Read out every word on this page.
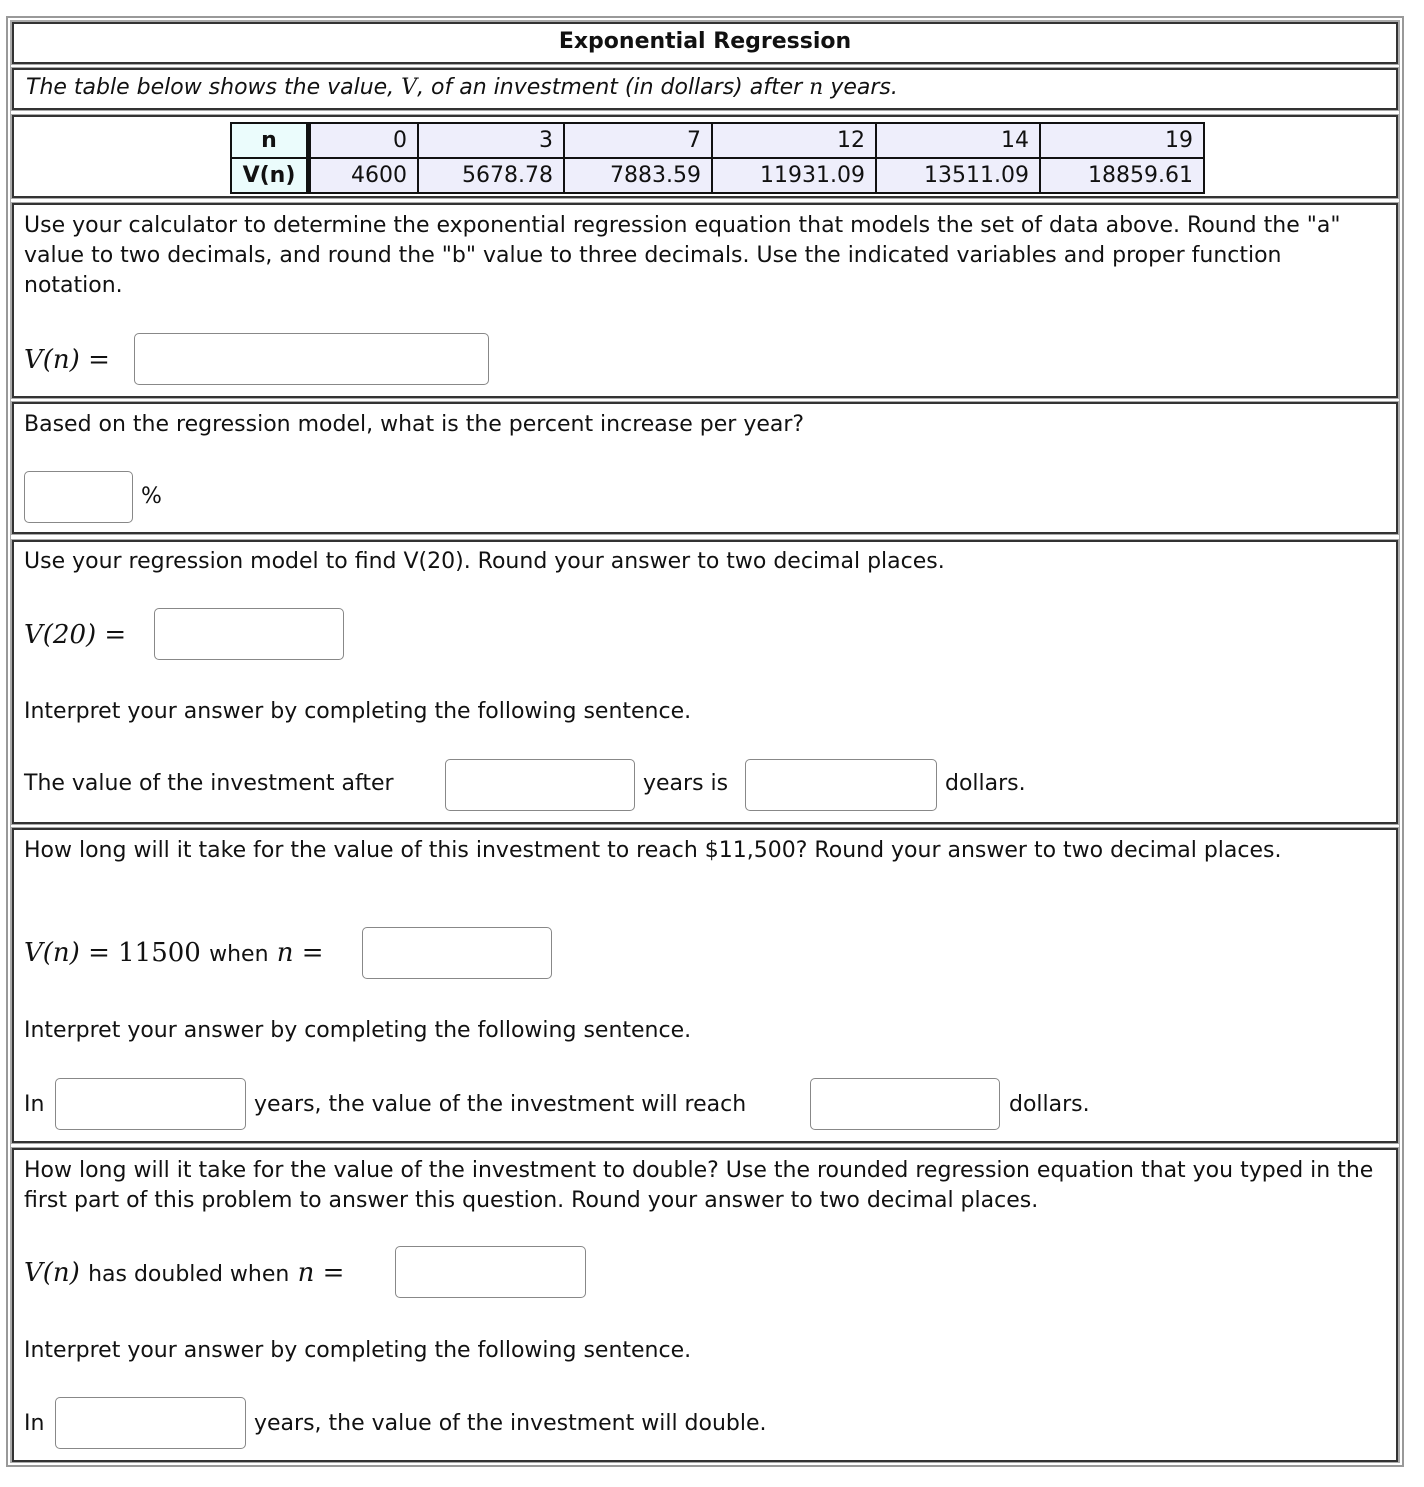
Exponential Regression
The table below shows the value, V, of an investment (in dollars) after n years.
n	0	3	7	12	14	19
V(n)	4600	5678.78	7883.59	11931.09	13511.09	18859.61
Use your calculator to determine the exponential regression equation that models the set of data above. Round the "a" value to two decimals, and round the "b" value to three decimals. Use the indicated variables and proper function notation.
V(n) =
Based on the regression model, what is the percent increase per year?
%
Use your regression model to find V(20). Round your answer to two decimal places.
V(20) =
Interpret your answer by completing the following sentence.
The value of the investment after	years is	dollars.
How long will it take for the value of this investment to reach $11,500? Round your answer to two decimal places.
V(n) = 11500 when n =
Interpret your answer by completing the following sentence.
In	years, the value of the investment will reach	dollars.
How long will it take for the value of the investment to double? Use the rounded regression equation that you typed in the first part of this problem to answer this question. Round your answer to two decimal places.
V(n) has doubled when n =
Interpret your answer by completing the following sentence.
In	years, the value of the investment will double.
